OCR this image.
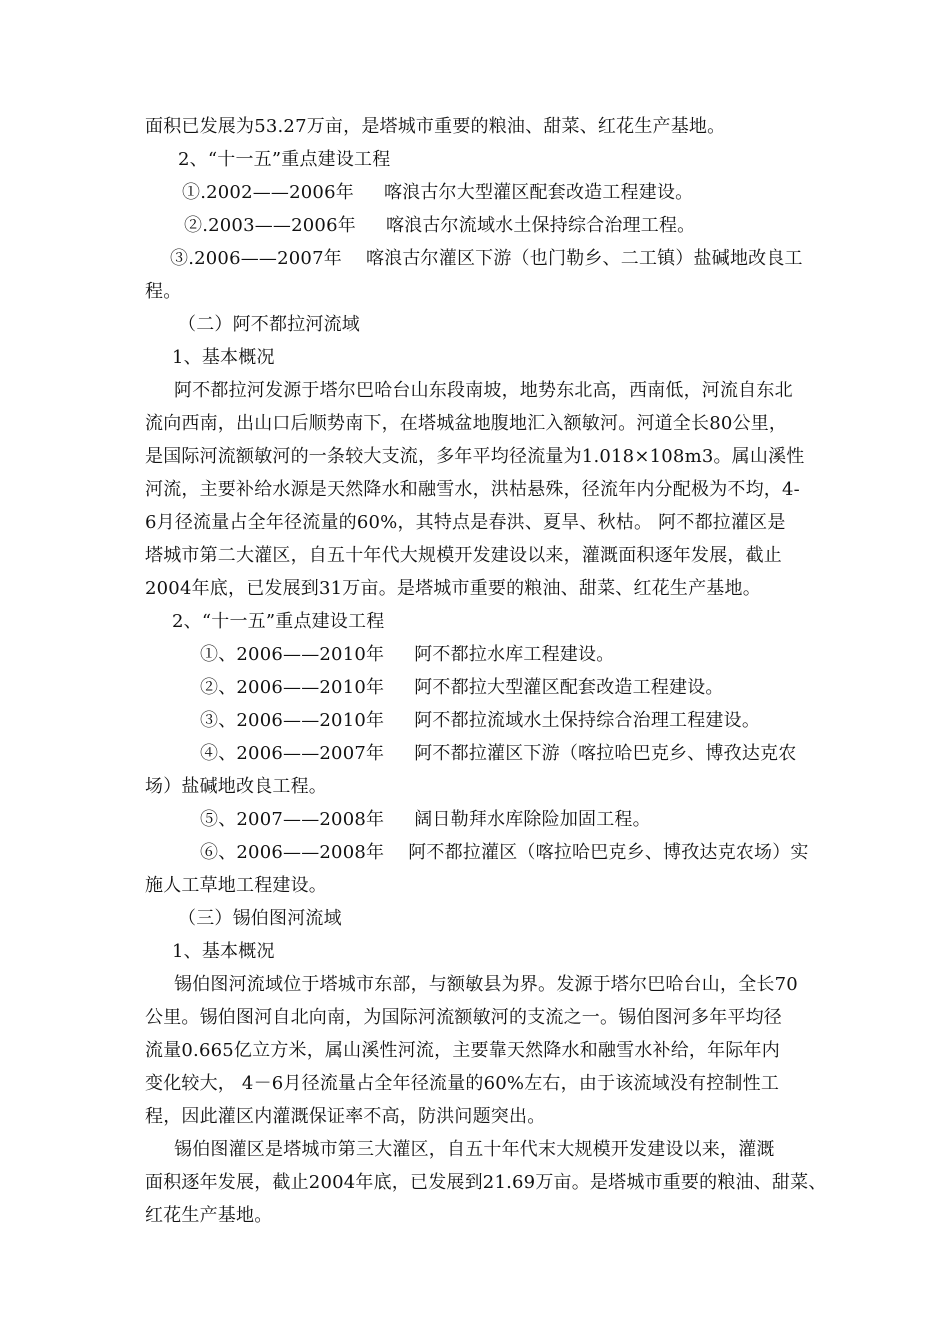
面积已发展为53.27万亩，是塔城市重要的粮油、甜菜、红花生产基地。
2、“十一五”重点建设工程
①.2002——2006年 喀浪古尔大型灌区配套改造工程建设。
②.2003——2006年 喀浪古尔流域水土保持综合治理工程。
③.2006——2007年 喀浪古尔灌区下游（也门勒乡、二工镇）盐碱地改良工
程。
（二）阿不都拉河流域
1、基本概况
阿不都拉河发源于塔尔巴哈台山东段南坡，地势东北高，西南低，河流自东北
流向西南，出山口后顺势南下，在塔城盆地腹地汇入额敏河。河道全长80公里，
是国际河流额敏河的一条较大支流，多年平均径流量为1.018×108m3。属山溪性
河流，主要补给水源是天然降水和融雪水，洪枯悬殊，径流年内分配极为不均，4-
6月径流量占全年径流量的60%，其特点是春洪、夏旱、秋枯。 阿不都拉灌区是
塔城市第二大灌区，自五十年代大规模开发建设以来，灌溉面积逐年发展，截止
2004年底，已发展到31万亩。是塔城市重要的粮油、甜菜、红花生产基地。
2、“十一五”重点建设工程
①、2006——2010年 阿不都拉水库工程建设。
②、2006——2010年 阿不都拉大型灌区配套改造工程建设。
③、2006——2010年 阿不都拉流域水土保持综合治理工程建设。
④、2006——2007年 阿不都拉灌区下游（喀拉哈巴克乡、博孜达克农
场）盐碱地改良工程。
⑤、2007——2008年 阔日勒拜水库除险加固工程。
⑥、2006——2008年 阿不都拉灌区（喀拉哈巴克乡、博孜达克农场）实
施人工草地工程建设。
（三）锡伯图河流域
1、基本概况
锡伯图河流域位于塔城市东部，与额敏县为界。发源于塔尔巴哈台山，全长70
公里。锡伯图河自北向南，为国际河流额敏河的支流之一。锡伯图河多年平均径
流量0.665亿立方米，属山溪性河流，主要靠天然降水和融雪水补给，年际年内
变化较大， 4－6月径流量占全年径流量的60%左右，由于该流域没有控制性工
程，因此灌区内灌溉保证率不高，防洪问题突出。
锡伯图灌区是塔城市第三大灌区，自五十年代末大规模开发建设以来，灌溉
面积逐年发展，截止2004年底，已发展到21.69万亩。是塔城市重要的粮油、甜菜、
红花生产基地。
